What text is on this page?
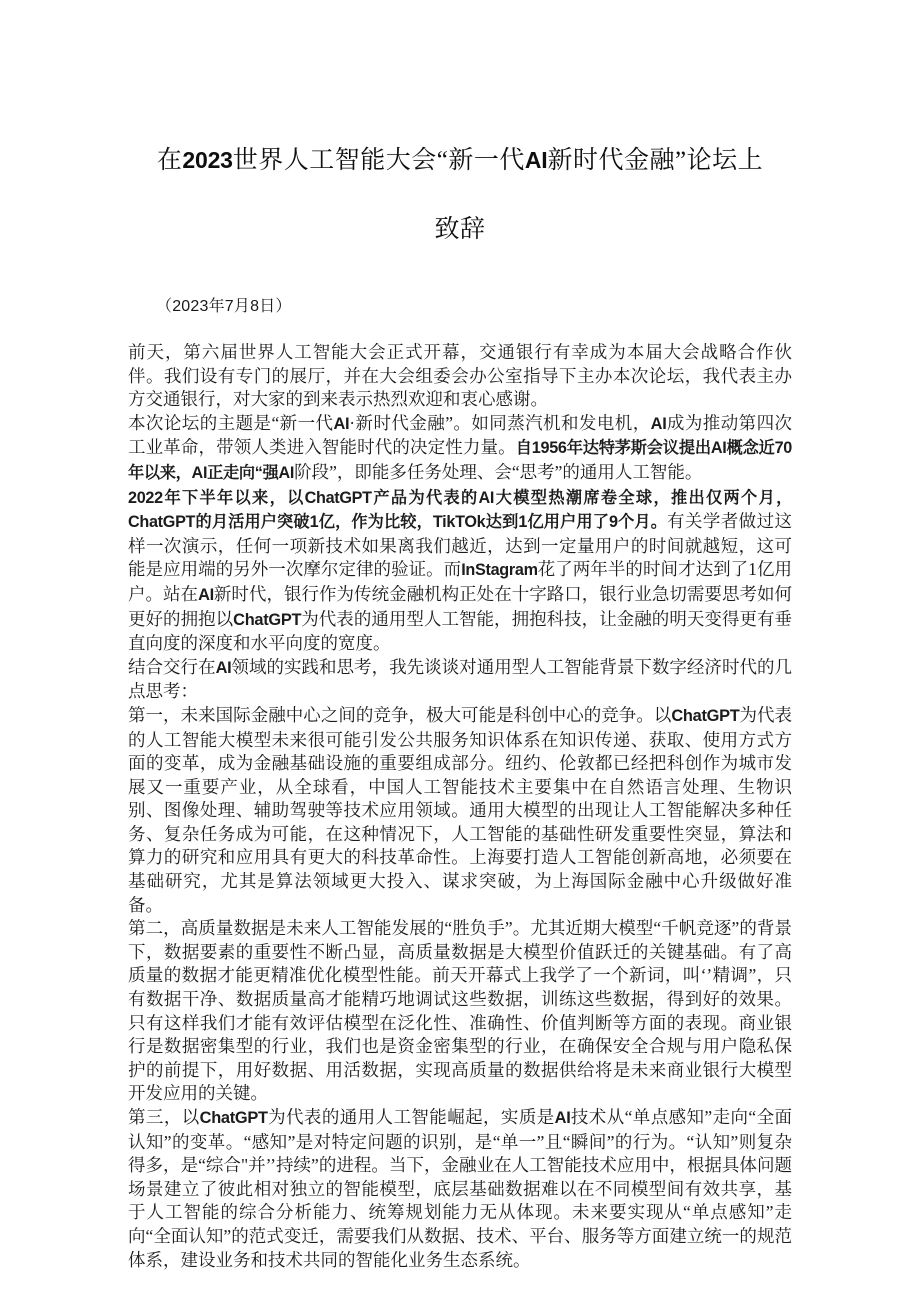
在2023世界人工智能大会“新一代AI新时代金融”论坛上
致辞

（2023年7月8日）

前天，第六届世界人工智能大会正式开幕，交通银行有幸成为本届大会战略合作伙伴。我们设有专门的展厅，并在大会组委会办公室指导下主办本次论坛，我代表主办方交通银行，对大家的到来表示热烈欢迎和衷心感谢。

本次论坛的主题是“新一代AI·新时代金融”。如同蒸汽机和发电机，AI成为推动第四次工业革命，带领人类进入智能时代的决定性力量。自1956年达特茅斯会议提出AI概念近70年以来，AI正走向“强AI阶段”，即能多任务处理、会“思考”的通用人工智能。

2022年下半年以来，以ChatGPT产品为代表的AI大模型热潮席卷全球，推出仅两个月，ChatGPT的月活用户突破1亿，作为比较，TikTOk达到1亿用户用了9个月。有关学者做过这样一次演示，任何一项新技术如果离我们越近，达到一定量用户的时间就越短，这可能是应用端的另外一次摩尔定律的验证。而InStagram花了两年半的时间才达到了1亿用户。站在AI新时代，银行作为传统金融机构正处在十字路口，银行业急切需要思考如何更好的拥抱以ChatGPT为代表的通用型人工智能，拥抱科技，让金融的明天变得更有垂直向度的深度和水平向度的宽度。

结合交行在AI领域的实践和思考，我先谈谈对通用型人工智能背景下数字经济时代的几点思考：

第一，未来国际金融中心之间的竞争，极大可能是科创中心的竞争。以ChatGPT为代表的人工智能大模型未来很可能引发公共服务知识体系在知识传递、获取、使用方式方面的变革，成为金融基础设施的重要组成部分。纽约、伦敦都已经把科创作为城市发展又一重要产业，从全球看，中国人工智能技术主要集中在自然语言处理、生物识别、图像处理、辅助驾驶等技术应用领域。通用大模型的出现让人工智能解决多种任务、复杂任务成为可能，在这种情况下，人工智能的基础性研发重要性突显，算法和算力的研究和应用具有更大的科技革命性。上海要打造人工智能创新高地，必须要在基础研究，尤其是算法领域更大投入、谋求突破，为上海国际金融中心升级做好准备。

第二，高质量数据是未来人工智能发展的“胜负手”。尤其近期大模型“千帆竞逐”的背景下，数据要素的重要性不断凸显，高质量数据是大模型价值跃迁的关键基础。有了高质量的数据才能更精准优化模型性能。前天开幕式上我学了一个新词，叫‘’精调”，只有数据干净、数据质量高才能精巧地调试这些数据，训练这些数据，得到好的效果。只有这样我们才能有效评估模型在泛化性、准确性、价值判断等方面的表现。商业银行是数据密集型的行业，我们也是资金密集型的行业，在确保安全合规与用户隐私保护的前提下，用好数据、用活数据，实现高质量的数据供给将是未来商业银行大模型开发应用的关键。

第三，以ChatGPT为代表的通用人工智能崛起，实质是AI技术从“单点感知”走向“全面认知”的变革。“感知”是对特定问题的识别，是“单一”且“瞬间”的行为。“认知”则复杂得多，是“综合"并’’持续”的进程。当下，金融业在人工智能技术应用中，根据具体问题场景建立了彼此相对独立的智能模型，底层基础数据难以在不同模型间有效共享，基于人工智能的综合分析能力、统筹规划能力无从体现。未来要实现从“单点感知”走向“全面认知”的范式变迁，需要我们从数据、技术、平台、服务等方面建立统一的规范体系，建设业务和技术共同的智能化业务生态系统。
